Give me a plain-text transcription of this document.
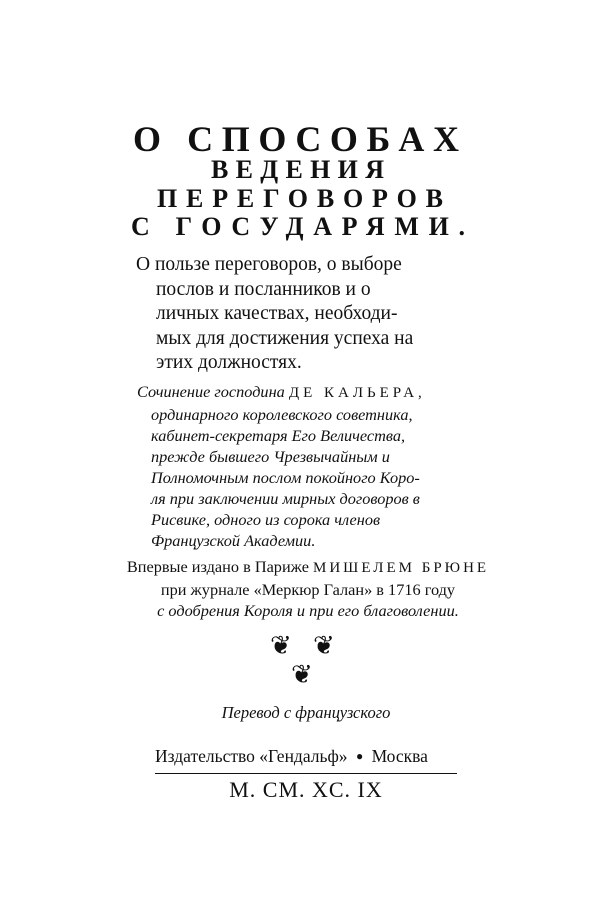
О СПОСОБАХ
ВЕДЕНИЯ
ПЕРЕГОВОРОВ
С ГОСУДАРЯМИ.

О пользе переговоров, о выборе

послов и посланников и о

личных качествах, необходи-

мых для достижения успеха на

этих должностях.

Сочинение господина ДЕ КАЛЬЕРА,
ординарного королевского советника,
кабинет-секретаря Его Величества,
прежде бывшего Чрезвычайным и
Полномочным послом покойного Коро-
ля при заключении мирных договоров в
Рисвике, одного из сорока членов
Французской Академии.
Впервые издано в Париже МИШЕЛЕМ БРЮНЕ
при журнале «Меркюр Галан» в 1716 году
с одобрения Короля и при его благоволении.
❦ ❦
❦
Перевод с французского
Издательство «Гендальф» ● Москва
M. CM. XC. IX
